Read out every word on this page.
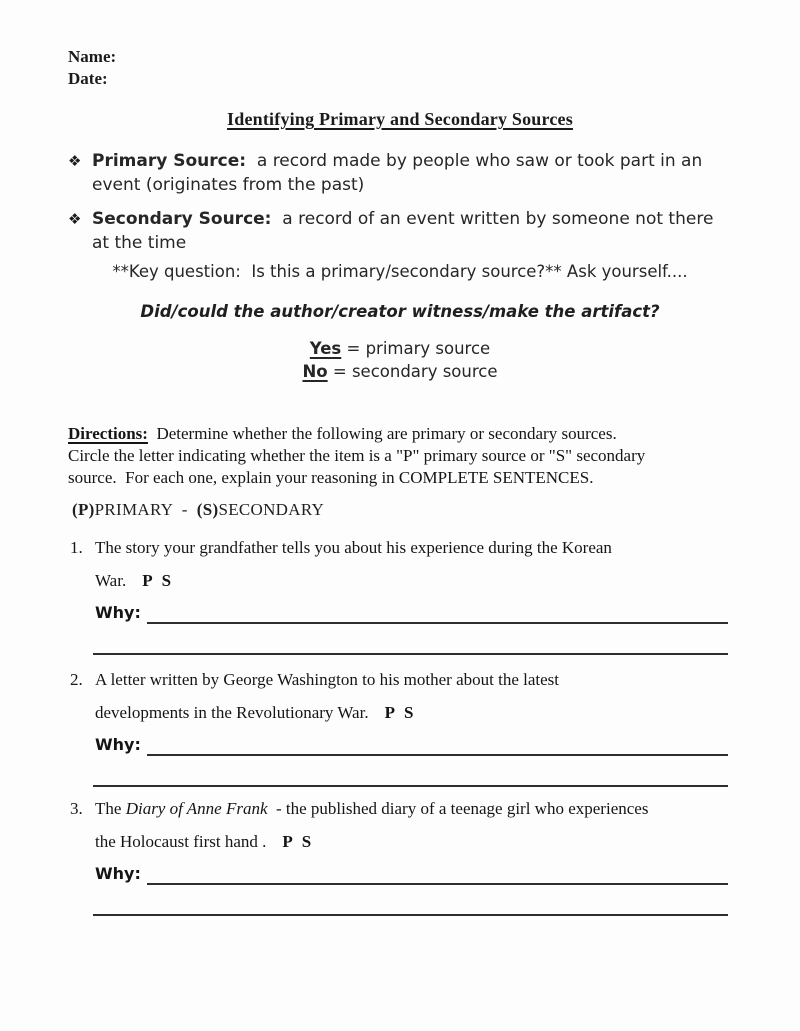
Name:
Date:
Identifying Primary and Secondary Sources
❖ Primary Source:  a record made by people who saw or took part in an
event (originates from the past)
❖ Secondary Source:  a record of an event written by someone not there
at the time
**Key question:  Is this a primary/secondary source?** Ask yourself....
Did/could the author/creator witness/make the artifact?
Yes = primary source
No = secondary source
Directions:  Determine whether the following are primary or secondary sources.
Circle the letter indicating whether the item is a "P" primary source or "S" secondary
source.  For each one, explain your reasoning in COMPLETE SENTENCES.
(P)PRIMARY  -  (S)SECONDARY
1. The story your grandfather tells you about his experience during the Korean
War. P S
Why:
2. A letter written by George Washington to his mother about the latest
developments in the Revolutionary War. P S
Why:
3. The Diary of Anne Frank  - the published diary of a teenage girl who experiences
the Holocaust first hand . P S
Why:
